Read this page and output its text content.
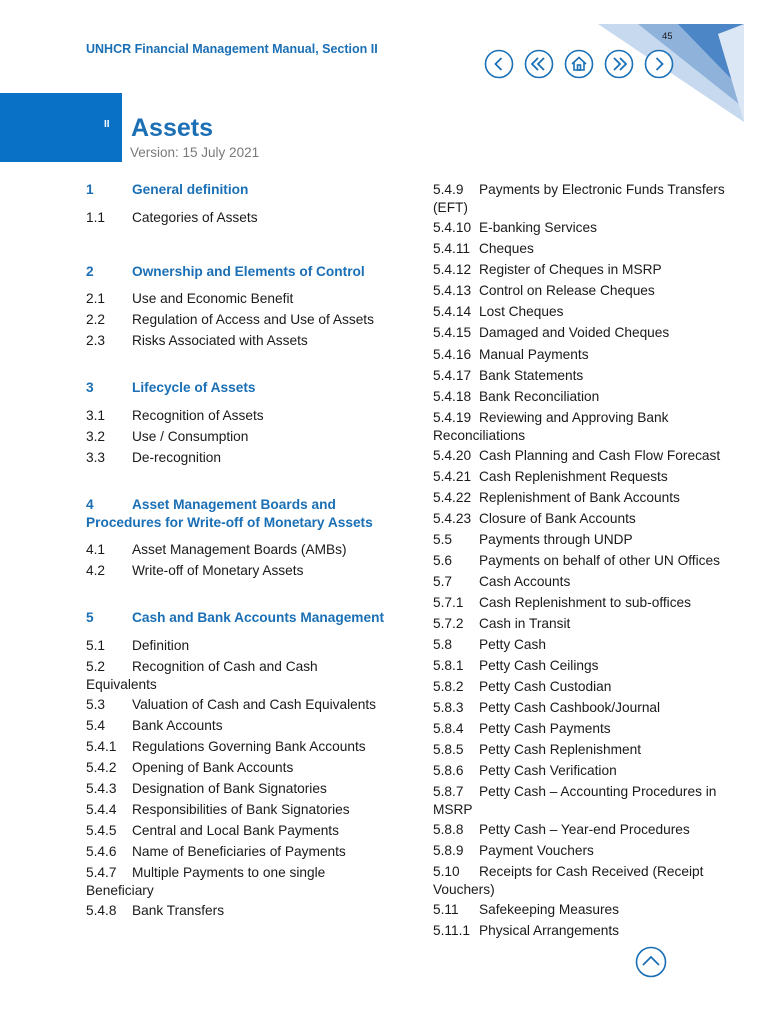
UNHCR Financial Management Manual, Section II
45
II Assets
Version: 15 July 2021
1	General definition
1.1 Categories of Assets
2	Ownership and Elements of Control
2.1 Use and Economic Benefit
2.2 Regulation of Access and Use of Assets
2.3 Risks Associated with Assets
3	Lifecycle of Assets
3.1 Recognition of Assets
3.2 Use / Consumption
3.3 De-recognition
4	Asset Management Boards and Procedures for Write-off of Monetary Assets
4.1 Asset Management Boards (AMBs)
4.2 Write-off of Monetary Assets
5	Cash and Bank Accounts Management
5.1 Definition
5.2 Recognition of Cash and Cash Equivalents
5.3 Valuation of Cash and Cash Equivalents
5.4 Bank Accounts
5.4.1 Regulations Governing Bank Accounts
5.4.2 Opening of Bank Accounts
5.4.3 Designation of Bank Signatories
5.4.4 Responsibilities of Bank Signatories
5.4.5 Central and Local Bank Payments
5.4.6 Name of Beneficiaries of Payments
5.4.7 Multiple Payments to one single Beneficiary
5.4.8 Bank Transfers
5.4.9 Payments by Electronic Funds Transfers (EFT)
5.4.10 E-banking Services
5.4.11 Cheques
5.4.12 Register of Cheques in MSRP
5.4.13 Control on Release Cheques
5.4.14 Lost Cheques
5.4.15 Damaged and Voided Cheques
5.4.16 Manual Payments
5.4.17 Bank Statements
5.4.18 Bank Reconciliation
5.4.19 Reviewing and Approving Bank Reconciliations
5.4.20 Cash Planning and Cash Flow Forecast
5.4.21 Cash Replenishment Requests
5.4.22 Replenishment of Bank Accounts
5.4.23 Closure of Bank Accounts
5.5 Payments through UNDP
5.6 Payments on behalf of other UN Offices
5.7 Cash Accounts
5.7.1 Cash Replenishment to sub-offices
5.7.2 Cash in Transit
5.8 Petty Cash
5.8.1 Petty Cash Ceilings
5.8.2 Petty Cash Custodian
5.8.3 Petty Cash Cashbook/Journal
5.8.4 Petty Cash Payments
5.8.5 Petty Cash Replenishment
5.8.6 Petty Cash Verification
5.8.7 Petty Cash – Accounting Procedures in MSRP
5.8.8 Petty Cash – Year-end Procedures
5.8.9 Payment Vouchers
5.10 Receipts for Cash Received (Receipt Vouchers)
5.11 Safekeeping Measures
5.11.1 Physical Arrangements
